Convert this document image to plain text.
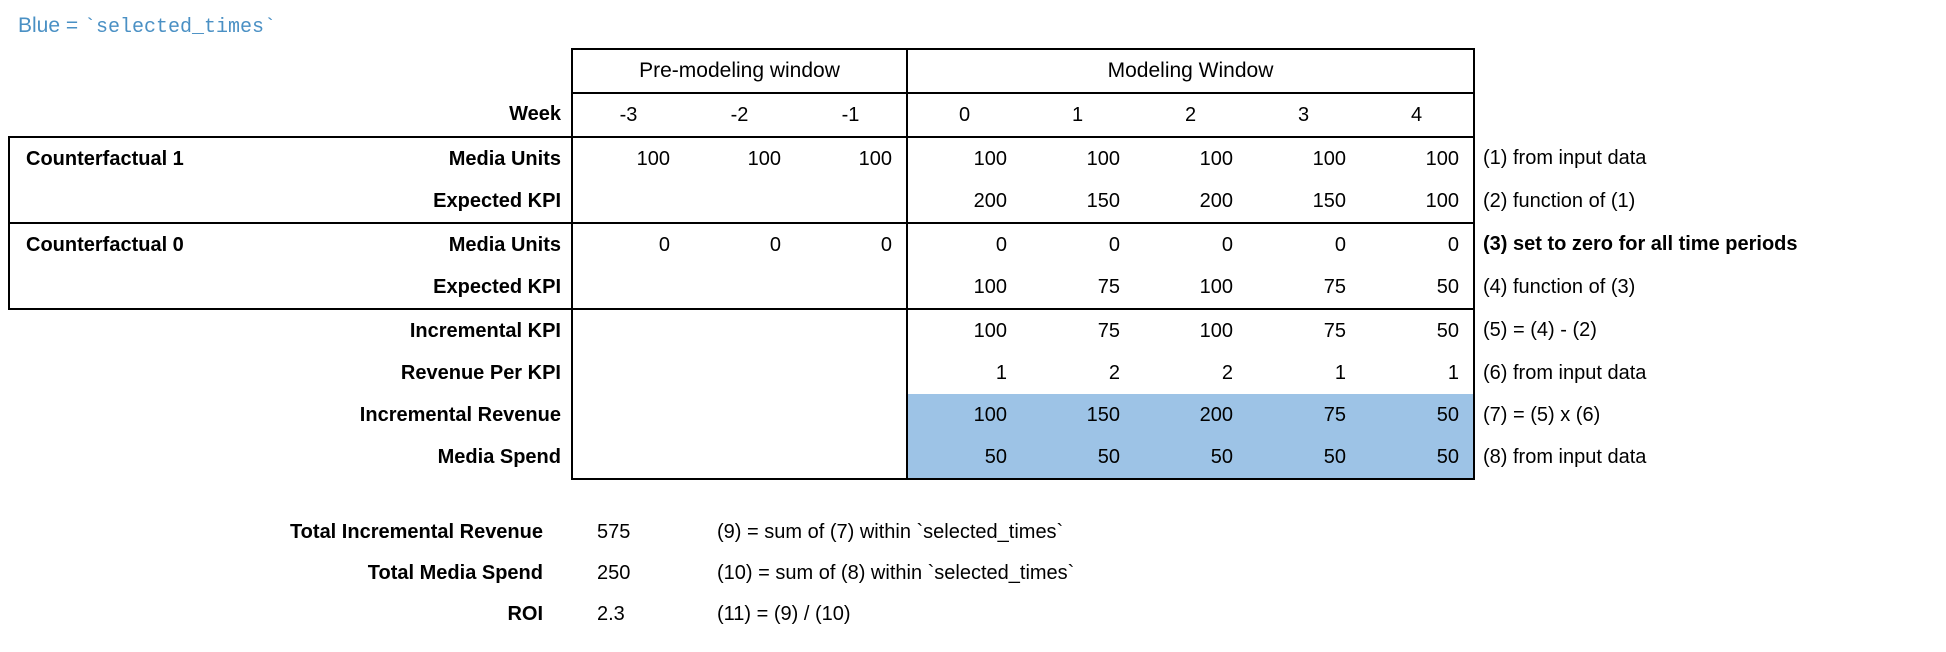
Blue = `selected_times`
		Pre-modeling window			Modeling Window					
	Week	-3	-2	-1	0	1	2	3	4	
Counterfactual 1	Media Units	100	100	100	100	100	100	100	100	(1) from input data
	Expected KPI				200	150	200	150	100	(2) function of (1)
Counterfactual 0	Media Units	0	0	0	0	0	0	0	0	(3) set to zero for all time periods
	Expected KPI				100	75	100	75	50	(4) function of (3)
	Incremental KPI				100	75	100	75	50	(5) = (4) - (2)
	Revenue Per KPI				1	2	2	1	1	(6) from input data
	Incremental Revenue				100	150	200	75	50	(7) = (5) x (6)
	Media Spend				50	50	50	50	50	(8) from input data
Total Incremental Revenue	575	(9) = sum of (7) within `selected_times`
Total Media Spend	250	(10) = sum of (8) within `selected_times`
ROI	2.3	(11) = (9) / (10)
